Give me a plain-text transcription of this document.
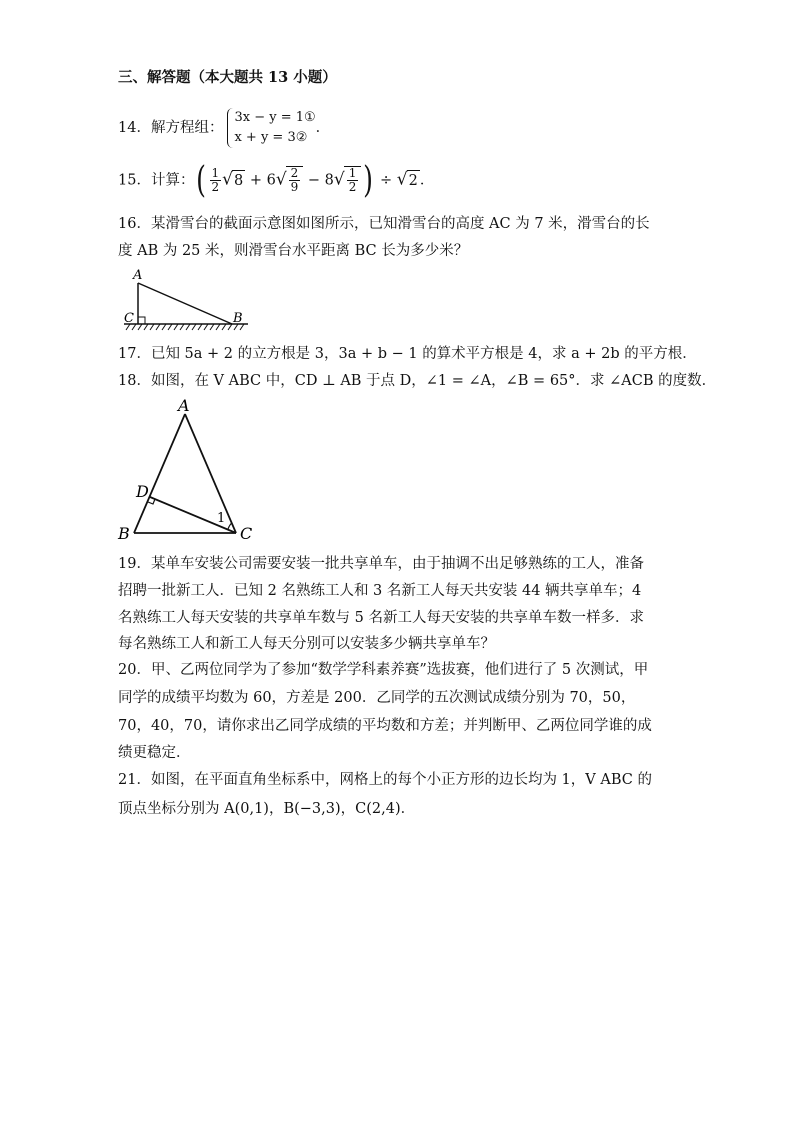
三、解答题（本大题共 13 小题）
14．解方程组：
3x − y = 1①
x + y = 3②
．
15．计算：( $\frac{1}{2} √8 + 6√ \frac{2}{9} - 8√ \frac{1}{2}$ ) ÷ √2 ．
16．某滑雪台的截面示意图如图所示，已知滑雪台的高度 AC 为 7 米，滑雪台的长
度 AB 为 25 米，则滑雪台水平距离 BC 长为多少米？
A
C	B
17．已知 5a + 2 的立方根是 3，3a + b − 1 的算术平方根是 4，求 a + 2b 的平方根．
18．如图，在 V ABC 中，CD ⊥ AB 于点 D，∠1 = ∠A，∠B = 65°．求 ∠ACB 的度数．
A
D
B	C
1
19．某单车安装公司需要安装一批共享单车，由于抽调不出足够熟练的工人，准备
招聘一批新工人．已知 2 名熟练工人和 3 名新工人每天共安装 44 辆共享单车；4
名熟练工人每天安装的共享单车数与 5 名新工人每天安装的共享单车数一样多．求
每名熟练工人和新工人每天分别可以安装多少辆共享单车？
20．甲、乙两位同学为了参加“数学学科素养赛”选拔赛，他们进行了 5 次测试，甲
同学的成绩平均数为 60，方差是 200．乙同学的五次测试成绩分别为 70，50，
70，40，70，请你求出乙同学成绩的平均数和方差；并判断甲、乙两位同学谁的成
绩更稳定．
21．如图，在平面直角坐标系中，网格上的每个小正方形的边长均为 1，V ABC 的
顶点坐标分别为 A(0,1)，B(−3,3)，C(2,4)．
